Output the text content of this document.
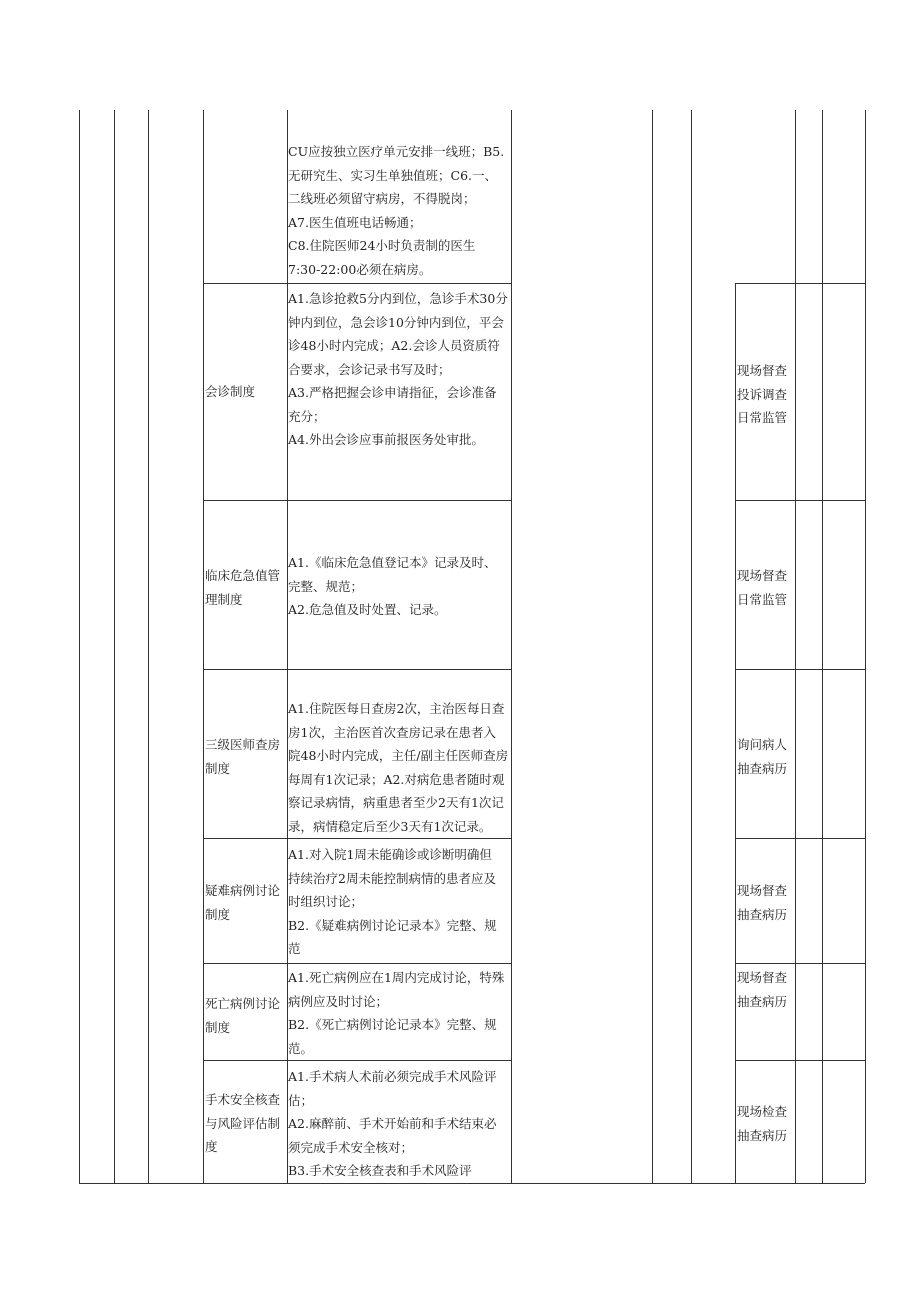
CU应按独立医疗单元安排一线班；B5.
无研究生、实习生单独值班；C6.一、
二线班必须留守病房，不得脱岗；
A7.医生值班电话畅通；
C8.住院医师24小时负责制的医生
7:30-22:00必须在病房。
A1.急诊抢救5分内到位，急诊手术30分
钟内到位，急会诊10分钟内到位，平会
诊48小时内完成；A2.会诊人员资质符
合要求，会诊记录书写及时；
A3.严格把握会诊申请指征，会诊准备
充分；
A4.外出会诊应事前报医务处审批。
会诊制度
现场督查
投诉调查
日常监管
A1.《临床危急值登记本》记录及时、
完整、规范；
A2.危急值及时处置、记录。
临床危急值管
理制度
现场督查
日常监管
A1.住院医每日查房2次，主治医每日查
房1次，主治医首次查房记录在患者入
院48小时内完成，主任/副主任医师查房
每周有1次记录；A2.对病危患者随时观
察记录病情，病重患者至少2天有1次记
录，病情稳定后至少3天有1次记录。
三级医师查房
制度
询问病人
抽查病历
A1.对入院1周未能确诊或诊断明确但
持续治疗2周未能控制病情的患者应及
时组织讨论；
B2.《疑难病例讨论记录本》完整、规
范
疑难病例讨论
制度
现场督查
抽查病历
A1.死亡病例应在1周内完成讨论，特殊
病例应及时讨论；
B2.《死亡病例讨论记录本》完整、规
范。
死亡病例讨论
制度
现场督查
抽查病历
A1.手术病人术前必须完成手术风险评
估；
A2.麻醉前、手术开始前和手术结束必
须完成手术安全核对；
B3.手术安全核查表和手术风险评
手术安全核查
与风险评估制
度
现场检查
抽查病历
